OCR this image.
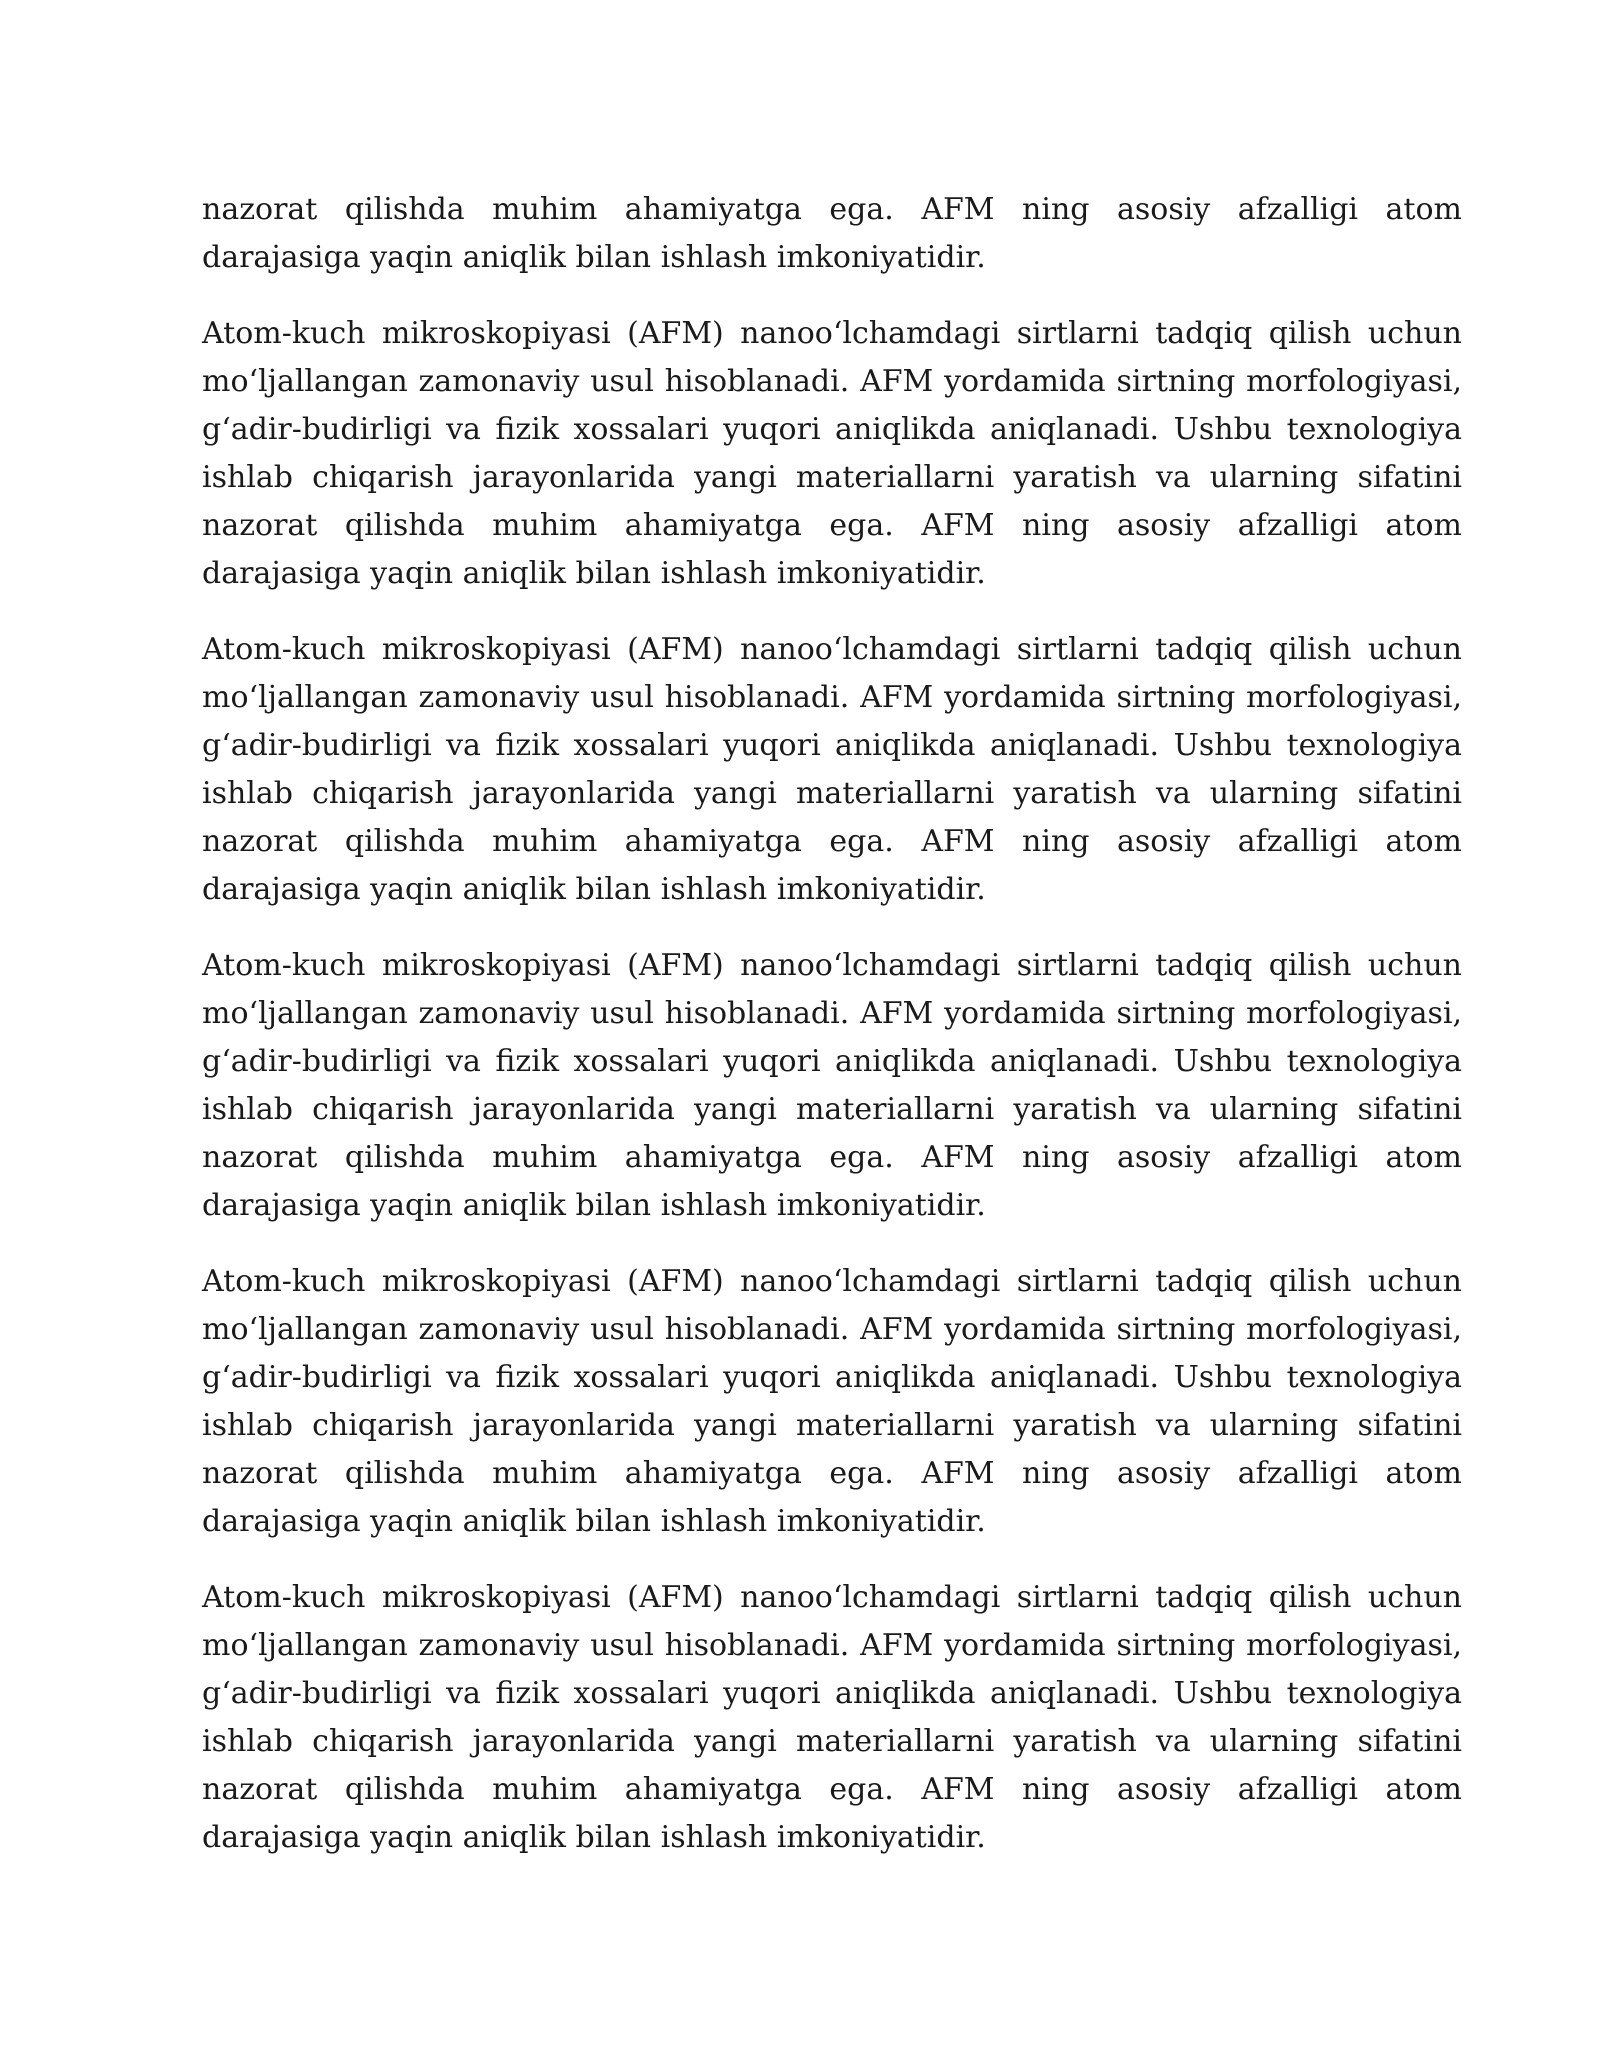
nazorat qilishda muhim ahamiyatga ega. AFM ning asosiy afzalligi atom darajasiga yaqin aniqlik bilan ishlash imkoniyatidir.

Atom-kuch mikroskopiyasi (AFM) nanoo‘lchamdagi sirtlarni tadqiq qilish uchun mo‘ljallangan zamonaviy usul hisoblanadi. AFM yordamida sirtning morfologiyasi, g‘adir-budirligi va fizik xossalari yuqori aniqlikda aniqlanadi. Ushbu texnologiya ishlab chiqarish jarayonlarida yangi materiallarni yaratish va ularning sifatini nazorat qilishda muhim ahamiyatga ega. AFM ning asosiy afzalligi atom darajasiga yaqin aniqlik bilan ishlash imkoniyatidir.

Atom-kuch mikroskopiyasi (AFM) nanoo‘lchamdagi sirtlarni tadqiq qilish uchun mo‘ljallangan zamonaviy usul hisoblanadi. AFM yordamida sirtning morfologiyasi, g‘adir-budirligi va fizik xossalari yuqori aniqlikda aniqlanadi. Ushbu texnologiya ishlab chiqarish jarayonlarida yangi materiallarni yaratish va ularning sifatini nazorat qilishda muhim ahamiyatga ega. AFM ning asosiy afzalligi atom darajasiga yaqin aniqlik bilan ishlash imkoniyatidir.

Atom-kuch mikroskopiyasi (AFM) nanoo‘lchamdagi sirtlarni tadqiq qilish uchun mo‘ljallangan zamonaviy usul hisoblanadi. AFM yordamida sirtning morfologiyasi, g‘adir-budirligi va fizik xossalari yuqori aniqlikda aniqlanadi. Ushbu texnologiya ishlab chiqarish jarayonlarida yangi materiallarni yaratish va ularning sifatini nazorat qilishda muhim ahamiyatga ega. AFM ning asosiy afzalligi atom darajasiga yaqin aniqlik bilan ishlash imkoniyatidir.

Atom-kuch mikroskopiyasi (AFM) nanoo‘lchamdagi sirtlarni tadqiq qilish uchun mo‘ljallangan zamonaviy usul hisoblanadi. AFM yordamida sirtning morfologiyasi, g‘adir-budirligi va fizik xossalari yuqori aniqlikda aniqlanadi. Ushbu texnologiya ishlab chiqarish jarayonlarida yangi materiallarni yaratish va ularning sifatini nazorat qilishda muhim ahamiyatga ega. AFM ning asosiy afzalligi atom darajasiga yaqin aniqlik bilan ishlash imkoniyatidir.

Atom-kuch mikroskopiyasi (AFM) nanoo‘lchamdagi sirtlarni tadqiq qilish uchun mo‘ljallangan zamonaviy usul hisoblanadi. AFM yordamida sirtning morfologiyasi, g‘adir-budirligi va fizik xossalari yuqori aniqlikda aniqlanadi. Ushbu texnologiya ishlab chiqarish jarayonlarida yangi materiallarni yaratish va ularning sifatini nazorat qilishda muhim ahamiyatga ega. AFM ning asosiy afzalligi atom darajasiga yaqin aniqlik bilan ishlash imkoniyatidir.
